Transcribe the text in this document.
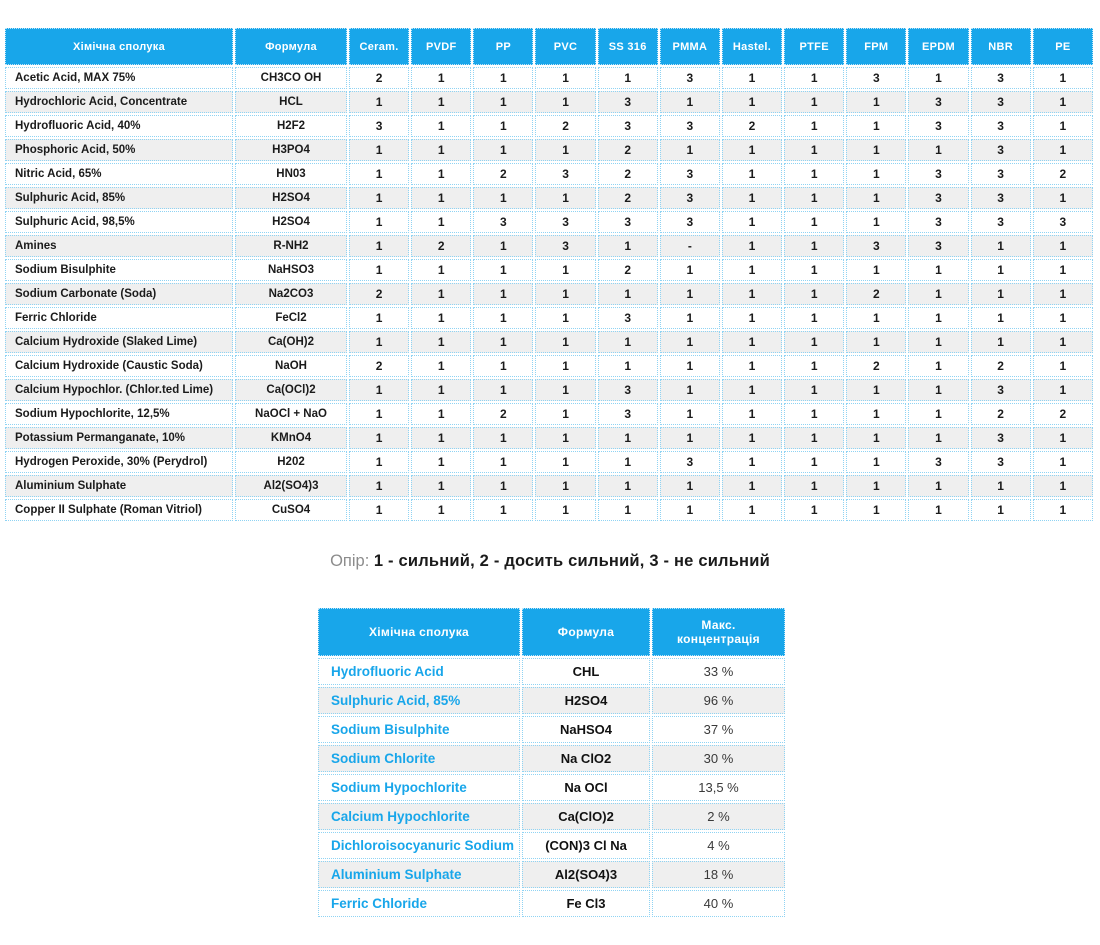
Хімічна сполука	Формула	Ceram.	PVDF	PP	PVC	SS 316	PMMA	Hastel.	PTFE	FPM	EPDM	NBR	PE
Acetic Acid, MAX 75%	CH3CO OH	2	1	1	1	1	3	1	1	3	1	3	1
Hydrochloric Acid, Concentrate	HCL	1	1	1	1	3	1	1	1	1	3	3	1
Hydrofluoric Acid, 40%	H2F2	3	1	1	2	3	3	2	1	1	3	3	1
Phosphoric Acid, 50%	H3PO4	1	1	1	1	2	1	1	1	1	1	3	1
Nitric Acid, 65%	HN03	1	1	2	3	2	3	1	1	1	3	3	2
Sulphuric Acid, 85%	H2SO4	1	1	1	1	2	3	1	1	1	3	3	1
Sulphuric Acid, 98,5%	H2SO4	1	1	3	3	3	3	1	1	1	3	3	3
Amines	R-NH2	1	2	1	3	1	-	1	1	3	3	1	1
Sodium Bisulphite	NaHSO3	1	1	1	1	2	1	1	1	1	1	1	1
Sodium Carbonate (Soda)	Na2CO3	2	1	1	1	1	1	1	1	2	1	1	1
Ferric Chloride	FeCl2	1	1	1	1	3	1	1	1	1	1	1	1
Calcium Hydroxide (Slaked Lime)	Ca(OH)2	1	1	1	1	1	1	1	1	1	1	1	1
Calcium Hydroxide (Caustic Soda)	NaOH	2	1	1	1	1	1	1	1	2	1	2	1
Calcium Hypochlor. (Chlor.ted Lime)	Ca(OCl)2	1	1	1	1	3	1	1	1	1	1	3	1
Sodium Hypochlorite, 12,5%	NaOCl + NaO	1	1	2	1	3	1	1	1	1	1	2	2
Potassium Permanganate, 10%	KMnO4	1	1	1	1	1	1	1	1	1	1	3	1
Hydrogen Peroxide, 30% (Perydrol)	H202	1	1	1	1	1	3	1	1	1	3	3	1
Aluminium Sulphate	Al2(SO4)3	1	1	1	1	1	1	1	1	1	1	1	1
Copper II Sulphate (Roman Vitriol)	CuSO4	1	1	1	1	1	1	1	1	1	1	1	1
Опір: 1 - сильний, 2 - досить сильний, 3 - не сильний
Хімічна сполука	Формула	Макс. концентрація
Hydrofluoric Acid	CHL	33 %
Sulphuric Acid, 85%	H2SO4	96 %
Sodium Bisulphite	NaHSO4	37 %
Sodium Chlorite	Na ClO2	30 %
Sodium Hypochlorite	Na OCl	13,5 %
Calcium Hypochlorite	Ca(ClO)2	2 %
Dichloroisocyanuric Sodium	(CON)3 Cl Na	4 %
Aluminium Sulphate	Al2(SO4)3	18 %
Ferric Chloride	Fe Cl3	40 %
